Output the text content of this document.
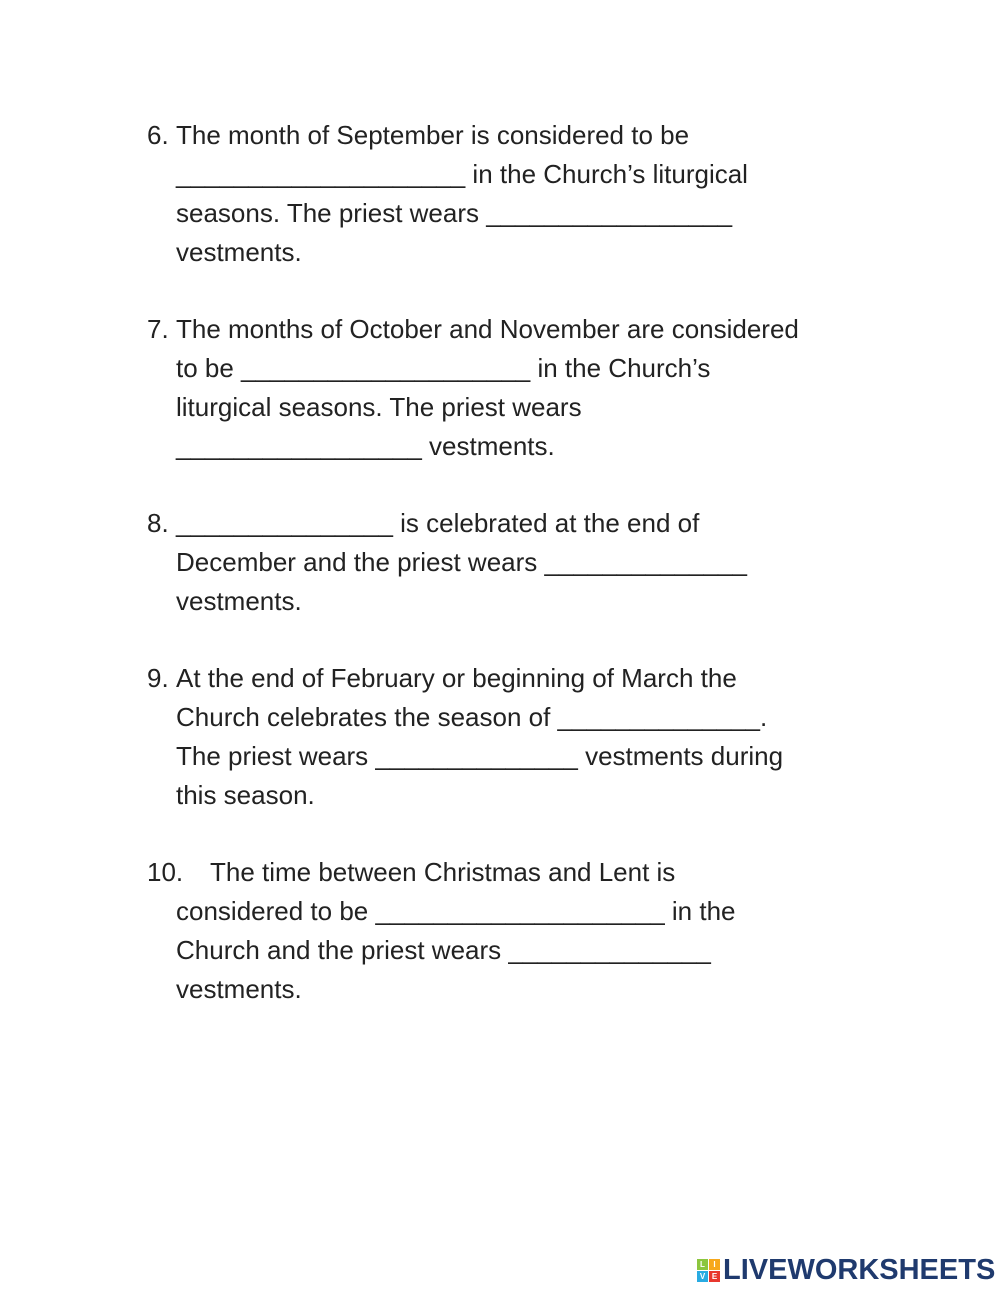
6. The month of September is considered to be
____________________ in the Church’s liturgical
seasons. The priest wears _________________
vestments.
7. The months of October and November are considered
to be ____________________ in the Church’s
liturgical seasons. The priest wears
_________________ vestments.
8. _______________ is celebrated at the end of
December and the priest wears ______________
vestments.
9. At the end of February or beginning of March the
Church celebrates the season of ______________.
The priest wears ______________ vestments during
this season.
10. The time between Christmas and Lent is
considered to be ____________________ in the
Church and the priest wears ______________
vestments.
L	I
V E LIVEWORKSHEETS
